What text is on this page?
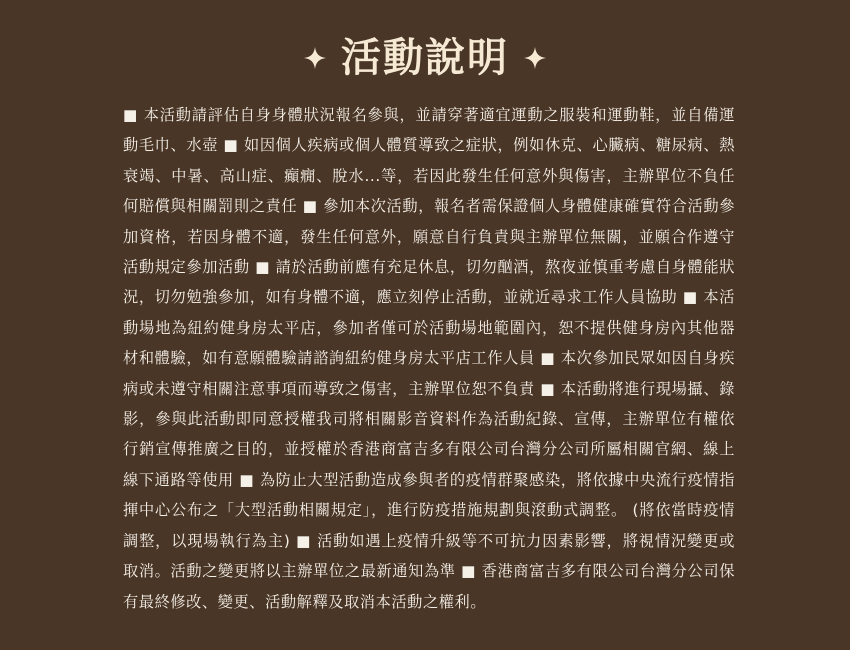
活動說明

■ 本活動請評估自身身體狀況報名參與，並請穿著適宜運動之服裝和運動鞋，並自備運動毛巾、水壺 ■ 如因個人疾病或個人體質導致之症狀，例如休克、心臟病、糖尿病、熱衰竭、中暑、高山症、癲癇、脫水...等，若因此發生任何意外與傷害，主辦單位不負任何賠償與相關罰則之責任 ■ 參加本次活動，報名者需保證個人身體健康確實符合活動參加資格，若因身體不適，發生任何意外，願意自行負責與主辦單位無關，並願合作遵守活動規定參加活動 ■ 請於活動前應有充足休息，切勿酗酒，熬夜並慎重考慮自身體能狀況，切勿勉強參加，如有身體不適，應立刻停止活動，並就近尋求工作人員協助 ■ 本活動場地為紐約健身房太平店，參加者僅可於活動場地範圍內，恕不提供健身房內其他器材和體驗，如有意願體驗請諮詢紐約健身房太平店工作人員 ■ 本次參加民眾如因自身疾病或未遵守相關注意事項而導致之傷害，主辦單位恕不負責 ■ 本活動將進行現場攝、錄影，參與此活動即同意授權我司將相關影音資料作為活動紀錄、宣傳，主辦單位有權依行銷宣傳推廣之目的，並授權於香港商富吉多有限公司台灣分公司所屬相關官網、線上線下通路等使用 ■ 為防止大型活動造成參與者的疫情群聚感染，將依據中央流行疫情指揮中心公布之「大型活動相關規定」，進行防疫措施規劃與滾動式調整。 (將依當時疫情調整，以現場執行為主) ■ 活動如遇上疫情升級等不可抗力因素影響，將視情況變更或取消。活動之變更將以主辦單位之最新通知為準 ■ 香港商富吉多有限公司台灣分公司保有最終修改、變更、活動解釋及取消本活動之權利。
